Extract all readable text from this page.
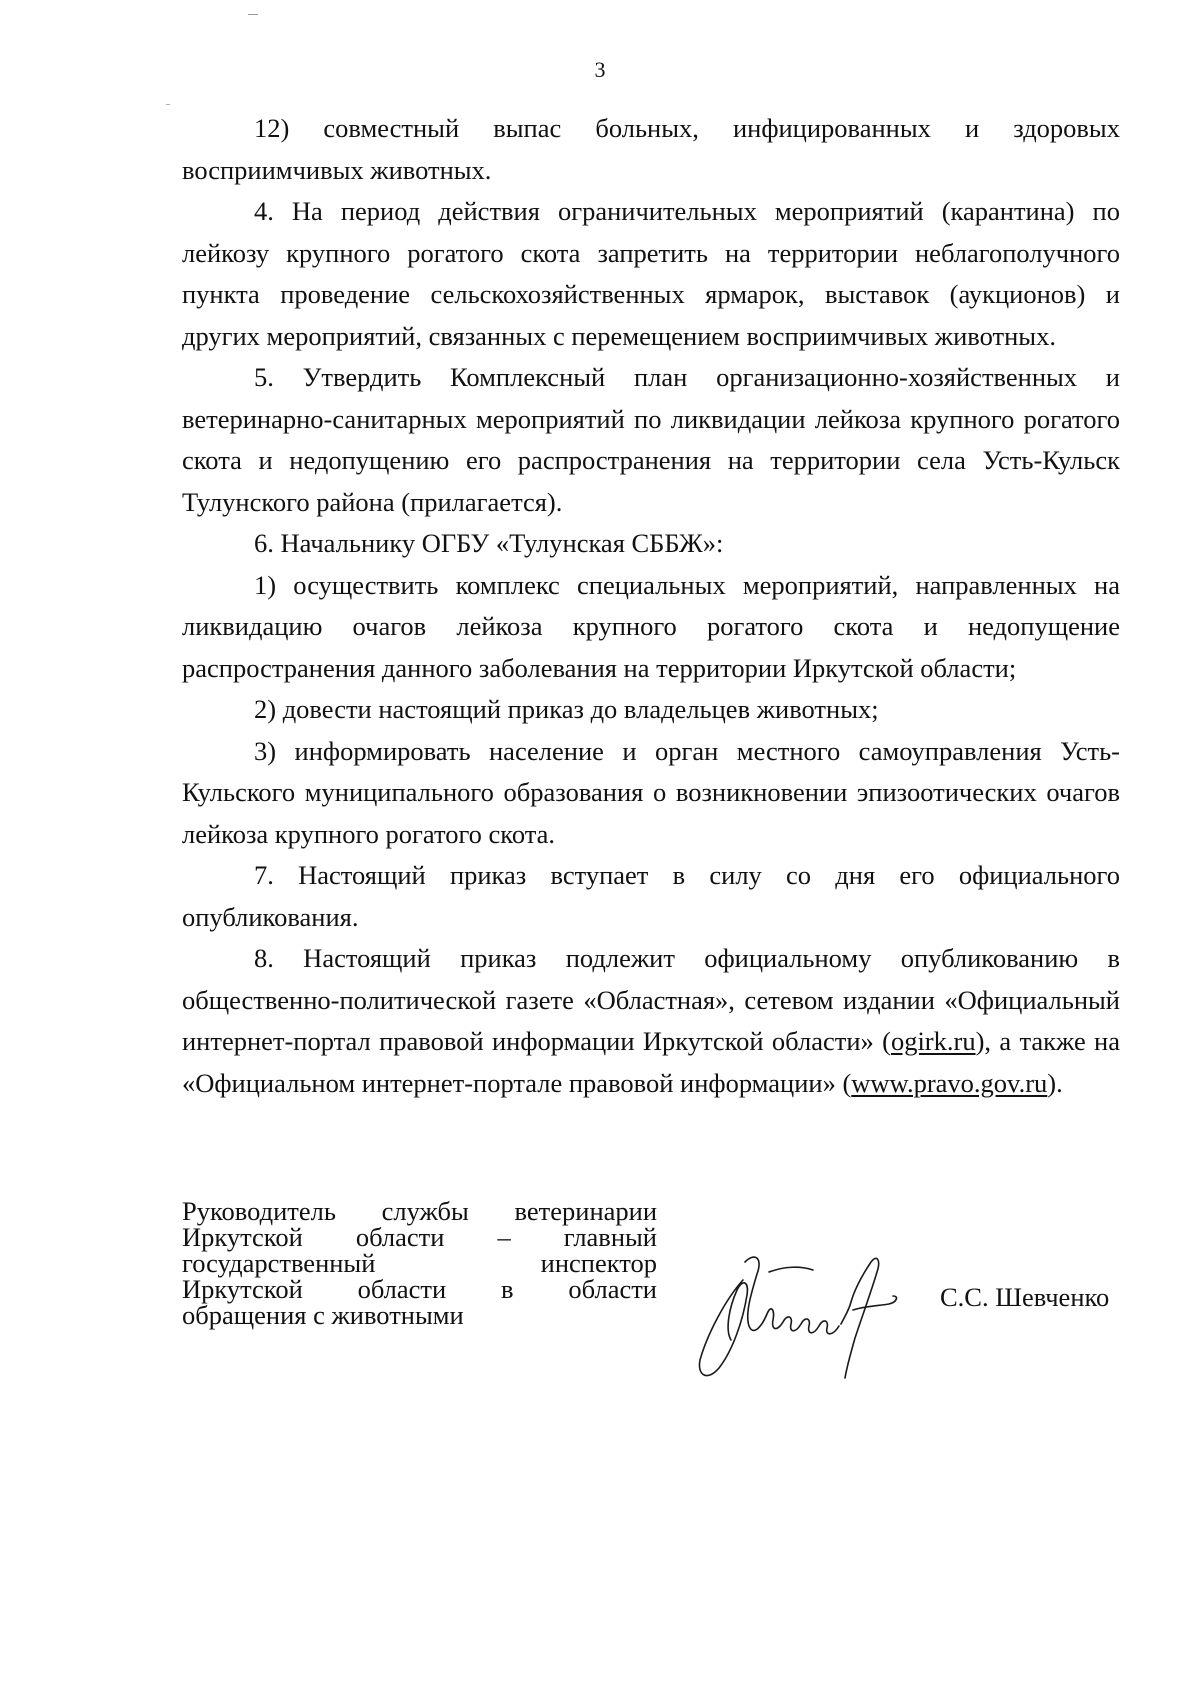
3

12) совместный выпас больных, инфицированных и здоровых восприимчивых животных.

4. На период действия ограничительных мероприятий (карантина) по лейкозу крупного рогатого скота запретить на территории неблагополучного пункта проведение сельскохозяйственных ярмарок, выставок (аукционов) и других мероприятий, связанных с перемещением восприимчивых животных.

5. Утвердить Комплексный план организационно-хозяйственных и ветеринарно-санитарных мероприятий по ликвидации лейкоза крупного рогатого скота и недопущению его распространения на территории села Усть-Кульск Тулунского района (прилагается).

6. Начальнику ОГБУ «Тулунская СББЖ»:

1) осуществить комплекс специальных мероприятий, направленных на ликвидацию очагов лейкоза крупного рогатого скота и недопущение распространения данного заболевания на территории Иркутской области;

2) довести настоящий приказ до владельцев животных;

3) информировать население и орган местного самоуправления Усть-Кульского муниципального образования о возникновении эпизоотических очагов лейкоза крупного рогатого скота.

7. Настоящий приказ вступает в силу со дня его официального опубликования.

8. Настоящий приказ подлежит официальному опубликованию в общественно-политической газете «Областная», сетевом издании «Официальный интернет-портал правовой информации Иркутской области» (ogirk.ru), а также на «Официальном интернет-портале правовой информации» (www.pravo.gov.ru).

Руководитель службы ветеринарии
Иркутской области – главный
государственный	инспектор
Иркутской области в области
обращения с животными
С.С. Шевченко
